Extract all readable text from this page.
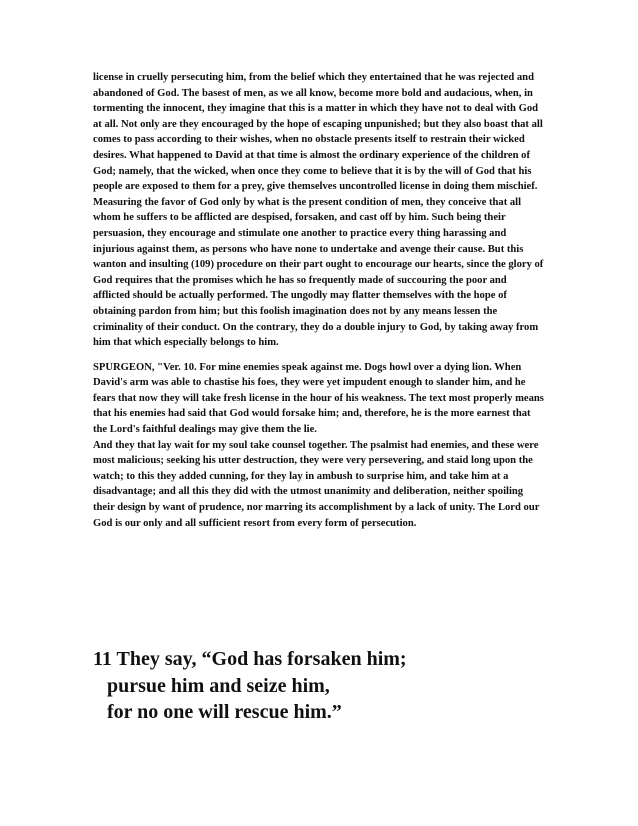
license in cruelly persecuting him, from the belief which they entertained that he was rejected and abandoned of God. The basest of men, as we all know, become more bold and audacious, when, in tormenting the innocent, they imagine that this is a matter in which they have not to deal with God at all. Not only are they encouraged by the hope of escaping unpunished; but they also boast that all comes to pass according to their wishes, when no obstacle presents itself to restrain their wicked desires. What happened to David at that time is almost the ordinary experience of the children of God; namely, that the wicked, when once they come to believe that it is by the will of God that his people are exposed to them for a prey, give themselves uncontrolled license in doing them mischief. Measuring the favor of God only by what is the present condition of men, they conceive that all whom he suffers to be afflicted are despised, forsaken, and cast off by him. Such being their persuasion, they encourage and stimulate one another to practice every thing harassing and injurious against them, as persons who have none to undertake and avenge their cause. But this wanton and insulting (109) procedure on their part ought to encourage our hearts, since the glory of God requires that the promises which he has so frequently made of succouring the poor and afflicted should be actually performed. The ungodly may flatter themselves with the hope of obtaining pardon from him; but this foolish imagination does not by any means lessen the criminality of their conduct. On the contrary, they do a double injury to God, by taking away from him that which especially belongs to him.

SPURGEON, "Ver. 10. For mine enemies speak against me. Dogs howl over a dying lion. When David's arm was able to chastise his foes, they were yet impudent enough to slander him, and he fears that now they will take fresh license in the hour of his weakness. The text most properly means that his enemies had said that God would forsake him; and, therefore, he is the more earnest that the Lord's faithful dealings may give them the lie.

And they that lay wait for my soul take counsel together. The psalmist had enemies, and these were most malicious; seeking his utter destruction, they were very persevering, and staid long upon the watch; to this they added cunning, for they lay in ambush to surprise him, and take him at a disadvantage; and all this they did with the utmost unanimity and deliberation, neither spoiling their design by want of prudence, nor marring its accomplishment by a lack of unity. The Lord our God is our only and all sufficient resort from every form of persecution.

11 They say, “God has forsaken him;
pursue him and seize him,
for no one will rescue him.”
